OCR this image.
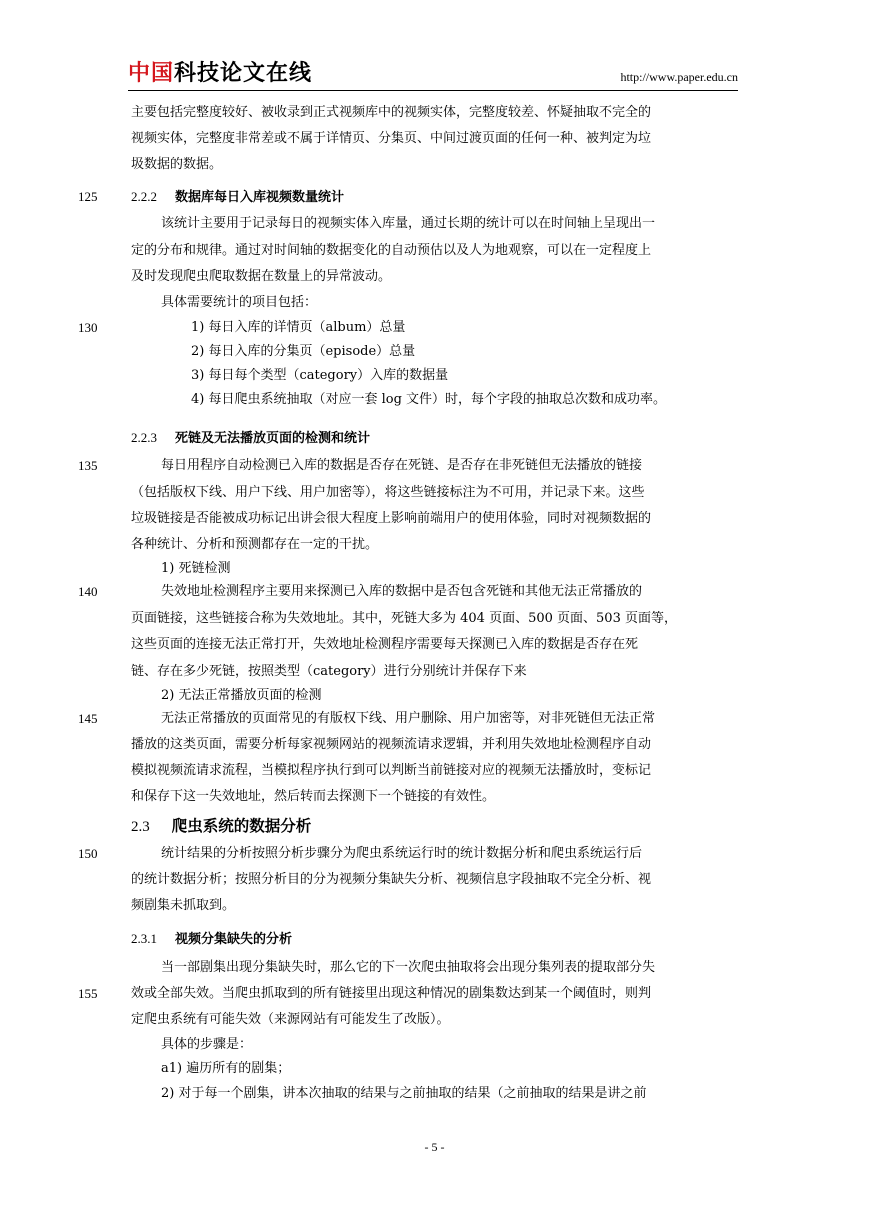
中国科技论文在线	http://www.paper.edu.cn
主要包括完整度较好、被收录到正式视频库中的视频实体，完整度较差、怀疑抽取不完全的
视频实体，完整度非常差或不属于详情页、分集页、中间过渡页面的任何一种、被判定为垃
圾数据的数据。
125	2.2.2 数据库每日入库视频数量统计
该统计主要用于记录每日的视频实体入库量，通过长期的统计可以在时间轴上呈现出一
定的分布和规律。通过对时间轴的数据变化的自动预估以及人为地观察，可以在一定程度上
及时发现爬虫爬取数据在数量上的异常波动。
具体需要统计的项目包括：
130	1) 每日入库的详情页（album）总量
2) 每日入库的分集页（episode）总量
3) 每日每个类型（category）入库的数据量
4) 每日爬虫系统抽取（对应一套 log 文件）时，每个字段的抽取总次数和成功率。
2.2.3 死链及无法播放页面的检测和统计
135	每日用程序自动检测已入库的数据是否存在死链、是否存在非死链但无法播放的链接
（包括版权下线、用户下线、用户加密等），将这些链接标注为不可用，并记录下来。这些
垃圾链接是否能被成功标记出讲会很大程度上影响前端用户的使用体验，同时对视频数据的
各种统计、分析和预测都存在一定的干扰。
1) 死链检测
140	失效地址检测程序主要用来探测已入库的数据中是否包含死链和其他无法正常播放的
页面链接，这些链接合称为失效地址。其中，死链大多为 404 页面、500 页面、503 页面等，
这些页面的连接无法正常打开，失效地址检测程序需要每天探测已入库的数据是否存在死
链、存在多少死链，按照类型（category）进行分别统计并保存下来
2) 无法正常播放页面的检测
145	无法正常播放的页面常见的有版权下线、用户删除、用户加密等，对非死链但无法正常
播放的这类页面，需要分析每家视频网站的视频流请求逻辑，并利用失效地址检测程序自动
模拟视频流请求流程，当模拟程序执行到可以判断当前链接对应的视频无法播放时，变标记
和保存下这一失效地址，然后转而去探测下一个链接的有效性。
2.3 爬虫系统的数据分析
150	统计结果的分析按照分析步骤分为爬虫系统运行时的统计数据分析和爬虫系统运行后
的统计数据分析；按照分析目的分为视频分集缺失分析、视频信息字段抽取不完全分析、视
频剧集未抓取到。
2.3.1 视频分集缺失的分析
当一部剧集出现分集缺失时，那么它的下一次爬虫抽取将会出现分集列表的提取部分失
155	效或全部失效。当爬虫抓取到的所有链接里出现这种情况的剧集数达到某一个阈值时，则判
定爬虫系统有可能失效（来源网站有可能发生了改版）。
具体的步骤是：
a1) 遍历所有的剧集；
2) 对于每一个剧集，讲本次抽取的结果与之前抽取的结果（之前抽取的结果是讲之前
- 5 -
